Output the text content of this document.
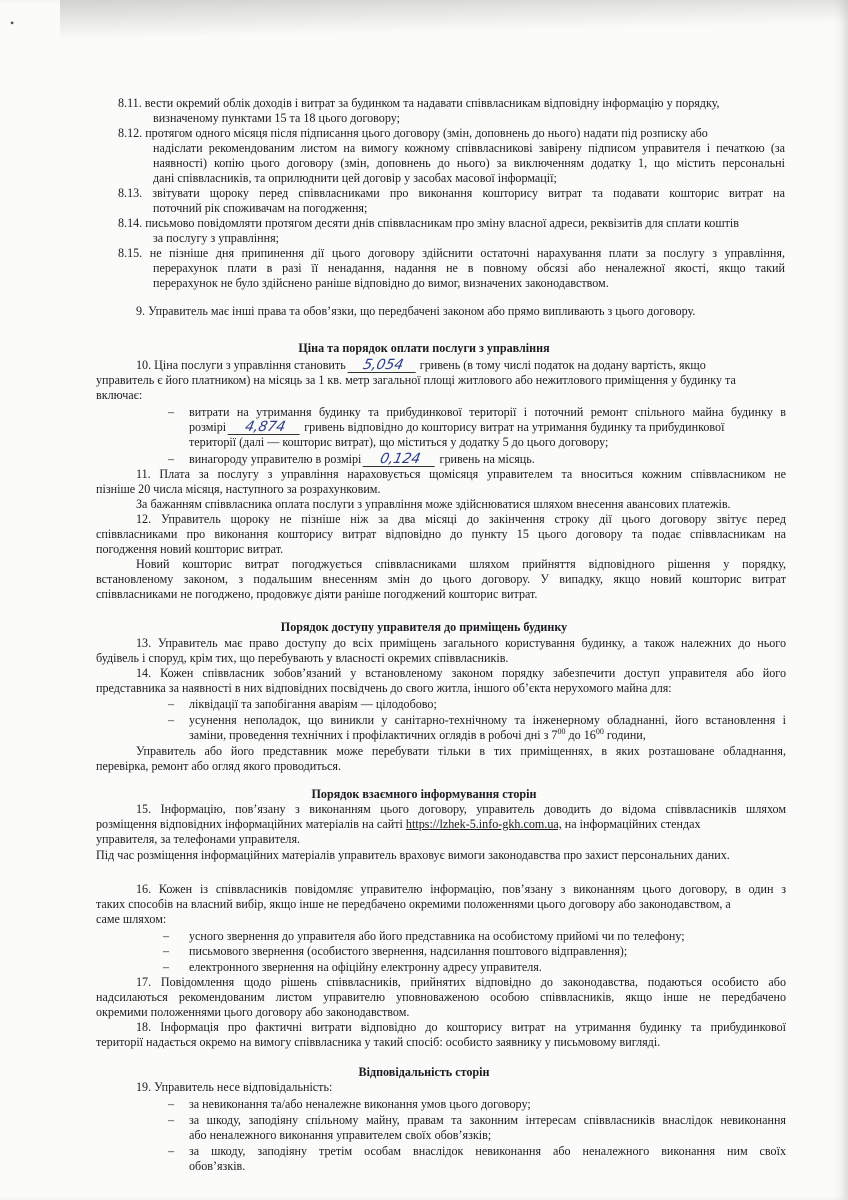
•
8.11. вести окремий облік доходів і витрат за будинком та надавати співвласникам відповідну інформацію у порядку,
визначеному пунктами 15 та 18 цього договору;
8.12. протягом одного місяця після підписання цього договору (змін, доповнень до нього) надати під розписку або
надіслати рекомендованим листом на вимогу кожному співвласникові завірену підписом управителя і печаткою (за
наявності) копію цього договору (змін, доповнень до нього) за виключенням додатку 1, що містить персональні
дані співвласників, та оприлюднити цей договір у засобах масової інформації;
8.13. звітувати щороку перед співвласниками про виконання кошторису витрат та подавати кошторис витрат на
поточний рік споживачам на погодження;
8.14. письмово повідомляти протягом десяти днів співвласникам про зміну власної адреси, реквізитів для сплати коштів
за послугу з управління;
8.15. не пізніше дня припинення дії цього договору здійснити остаточні нарахування плати за послугу з управління,
перерахунок плати в разі її ненадання, надання не в повному обсязі або неналежної якості, якщо такий
перерахунок не було здійснено раніше відповідно до вимог, визначених законодавством.
9. Управитель має інші права та обов’язки, що передбачені законом або прямо випливають з цього договору.
Ціна та порядок оплати послуги з управління
10. Ціна послуги з управління становить 5,054 гривень (в тому числі податок на додану вартість, якщо
управитель є його платником) на місяць за 1 кв. метр загальної площі житлового або нежитлового приміщення у будинку та
включає:
– витрати на утримання будинку та прибудинкової території і поточний ремонт спільного майна будинку в
розмірі 4,874 гривень відповідно до кошторису витрат на утримання будинку та прибудинкової
території (далі — кошторис витрат), що міститься у додатку 5 до цього договору;
– винагороду управителю в розмірі 0,124 гривень на місяць.
11. Плата за послугу з управління нараховується щомісяця управителем та вноситься кожним співвласником не
пізніше 20 числа місяця, наступного за розрахунковим.
За бажанням співвласника оплата послуги з управління може здійснюватися шляхом внесення авансових платежів.
12. Управитель щороку не пізніше ніж за два місяці до закінчення строку дії цього договору звітує перед
співвласниками про виконання кошторису витрат відповідно до пункту 15 цього договору та подає співвласникам на
погодження новий кошторис витрат.
Новий кошторис витрат погоджується співвласниками шляхом прийняття відповідного рішення у порядку,
встановленому законом, з подальшим внесенням змін до цього договору. У випадку, якщо новий кошторис витрат
співвласниками не погоджено, продовжує діяти раніше погоджений кошторис витрат.
Порядок доступу управителя до приміщень будинку
13. Управитель має право доступу до всіх приміщень загального користування будинку, а також належних до нього
будівель і споруд, крім тих, що перебувають у власності окремих співвласників.
14. Кожен співвласник зобов’язаний у встановленому законом порядку забезпечити доступ управителя або його
представника за наявності в них відповідних посвідчень до свого житла, іншого об’єкта нерухомого майна для:
– ліквідації та запобігання аваріям — цілодобово;
– усунення неполадок, що виникли у санітарно-технічному та інженерному обладнанні, його встановлення і
заміни, проведення технічних і профілактичних оглядів в робочі дні з $7^{00}$ до $16^{00}$ години,
Управитель або його представник може перебувати тільки в тих приміщеннях, в яких розташоване обладнання,
перевірка, ремонт або огляд якого проводиться.
Порядок взаємного інформування сторін
15. Інформацію, пов’язану з виконанням цього договору, управитель доводить до відома співвласників шляхом
розміщення відповідних інформаційних матеріалів на сайті https://lzhek-5.info-gkh.com.ua, на інформаційних стендах
управителя, за телефонами управителя.
Під час розміщення інформаційних матеріалів управитель враховує вимоги законодавства про захист персональних даних.
16. Кожен із співвласників повідомляє управителю інформацію, пов’язану з виконанням цього договору, в один з
таких способів на власний вибір, якщо інше не передбачено окремими положеннями цього договору або законодавством, а
саме шляхом:
– усного звернення до управителя або його представника на особистому прийомі чи по телефону;
– письмового звернення (особистого звернення, надсилання поштового відправлення);
– електронного звернення на офіційну електронну адресу управителя.
17. Повідомлення щодо рішень співвласників, прийнятих відповідно до законодавства, подаються особисто або
надсилаються рекомендованим листом управителю уповноваженою особою співвласників, якщо інше не передбачено
окремими положеннями цього договору або законодавством.
18. Інформація про фактичні витрати відповідно до кошторису витрат на утримання будинку та прибудинкової
території надається окремо на вимогу співвласника у такий спосіб: особисто заявнику у письмовому вигляді.
Відповідальність сторін
19. Управитель несе відповідальність:
– за невиконання та/або неналежне виконання умов цього договору;
– за шкоду, заподіяну спільному майну, правам та законним інтересам співвласників внаслідок невиконання
або неналежного виконання управителем своїх обов’язків;
– за шкоду, заподіяну третім особам внаслідок невиконання або неналежного виконання ним своїх
обов’язків.
